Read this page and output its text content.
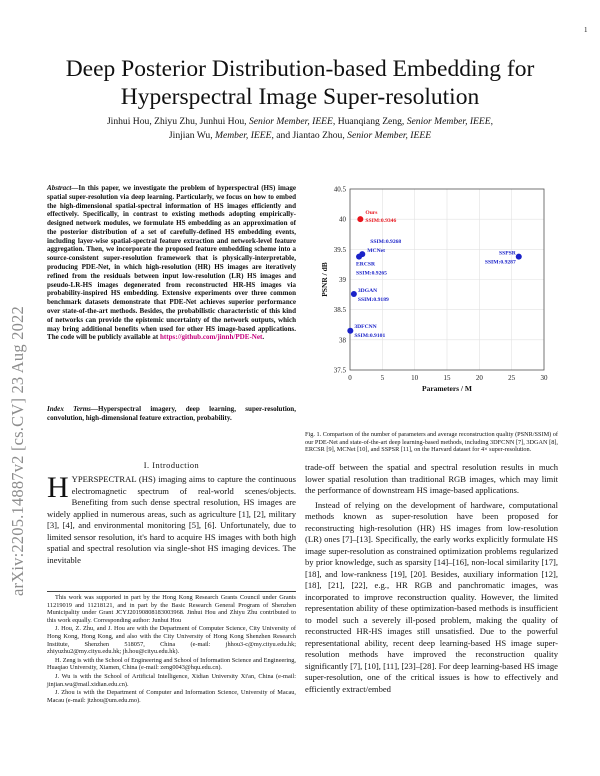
1
arXiv:2205.14887v2 [cs.CV] 23 Aug 2022
Deep Posterior Distribution-based Embedding for Hyperspectral Image Super-resolution
Jinhui Hou, Zhiyu Zhu, Junhui Hou, Senior Member, IEEE, Huanqiang Zeng, Senior Member, IEEE,
Jinjian Wu, Member, IEEE, and Jiantao Zhou, Senior Member, IEEE
Abstract—In this paper, we investigate the problem of hyperspectral (HS) image spatial super-resolution via deep learning. Particularly, we focus on how to embed the high-dimensional spatial-spectral information of HS images efficiently and effectively. Specifically, in contrast to existing methods adopting empirically-designed network modules, we formulate HS embedding as an approximation of the posterior distribution of a set of carefully-defined HS embedding events, including layer-wise spatial-spectral feature extraction and network-level feature aggregation. Then, we incorporate the proposed feature embedding scheme into a source-consistent super-resolution framework that is physically-interpretable, producing PDE-Net, in which high-resolution (HR) HS images are iteratively refined from the residuals between input low-resolution (LR) HS images and pseudo-LR-HS images degenerated from reconstructed HR-HS images via probability-inspired HS embedding. Extensive experiments over three common benchmark datasets demonstrate that PDE-Net achieves superior performance over state-of-the-art methods. Besides, the probabilistic characteristic of this kind of networks can provide the epistemic uncertainty of the network outputs, which may bring additional benefits when used for other HS image-based applications. The code will be publicly available at https://github.com/jinnh/PDE-Net.
Index Terms—Hyperspectral imagery, deep learning, super-resolution, convolution, high-dimensional feature extraction, probability.
I. Introduction
HYPERSPECTRAL (HS) imaging aims to capture the continuous electromagnetic spectrum of real-world scenes/objects. Benefiting from such dense spectral resolution, HS images are widely applied in numerous areas, such as agriculture [1], [2], military [3], [4], and environmental monitoring [5], [6]. Unfortunately, due to limited sensor resolution, it's hard to acquire HS images with both high spatial and spectral resolution via single-shot HS imaging devices. The inevitable

This work was supported in part by the Hong Kong Research Grants Council under Grants 11219019 and 11218121, and in part by the Basic Research General Program of Shenzhen Municipality under Grant JCYJ20190808183003968. Jinhui Hou and Zhiyu Zhu contributed to this work equally. Corresponding author: Junhui Hou

J. Hou, Z. Zhu, and J. Hou are with the Department of Computer Science, City University of Hong Kong, Hong Kong, and also with the City University of Hong Kong Shenzhen Research Institute, Shenzhen 518057, China (e-mail: jhhou3-c@my.cityu.edu.hk; zhiyuzhu2@my.cityu.edu.hk; jh.hou@cityu.edu.hk).

H. Zeng is with the School of Engineering and School of Information Science and Engineering, Huaqiao University, Xiamen, China (e-mail: zeng0043@hqu.edu.cn).

J. Wu is with the School of Artificial Intelligence, Xidian University Xi'an, China (e-mail: jinjian.wu@mail.xidian.edu.cn).

J. Zhou is with the Department of Computer and Information Science, University of Macau, Macau (e-mail: jtzhou@um.edu.mo).

0	5	10	15	20	25	30
37.5
38
38.5
39
39.5
40
40.5
Parameters / M
PSNR / dB
Ours
SSIM:0.9346
MCNet
SSIM:0.9268
ERCSR
SSIM:0.9265
SSPSR
SSIM:0.9287
3DGAN
SSIM:0.9189
3DFCNN
SSIM:0.9101
Fig. 1. Comparison of the number of parameters and average reconstruction quality (PSNR/SSIM) of our PDE-Net and state-of-the-art deep learning-based methods, including 3DFCNN [7], 3DGAN [8], ERCSR [9], MCNet [10], and SSPSR [11], on the Harvard dataset for 4× super-resolution.

trade-off between the spatial and spectral resolution results in much lower spatial resolution than traditional RGB images, which may limit the performance of downstream HS image-based applications.

Instead of relying on the development of hardware, computational methods known as super-resolution have been proposed for reconstructing high-resolution (HR) HS images from low-resolution (LR) ones [7]–[13]. Specifically, the early works explicitly formulate HS image super-resolution as constrained optimization problems regularized by prior knowledge, such as sparsity [14]–[16], non-local similarity [17], [18], and low-rankness [19], [20]. Besides, auxiliary information [12], [18], [21], [22], e.g., HR RGB and panchromatic images, was incorporated to improve reconstruction quality. However, the limited representation ability of these optimization-based methods is insufficient to model such a severely ill-posed problem, making the quality of reconstructed HR-HS images still unsatisfied. Due to the powerful representational ability, recent deep learning-based HS image super-resolution methods have improved the reconstruction quality significantly [7], [10], [11], [23]–[28]. For deep learning-based HS image super-resolution, one of the critical issues is how to effectively and efficiently extract/embed
